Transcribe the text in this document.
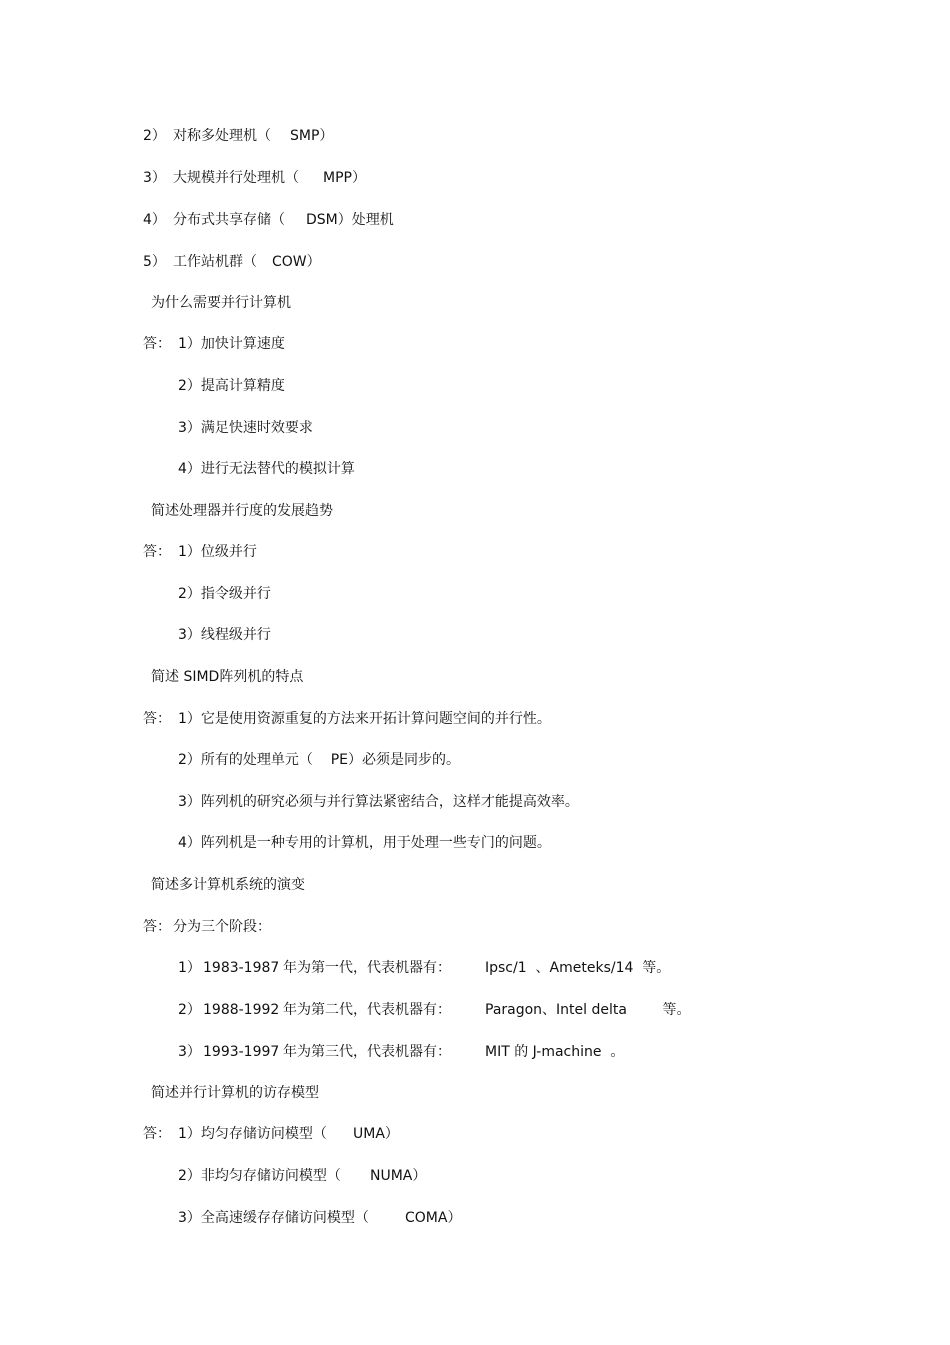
2）

对称多处理机（

SMP）

3）

大规模并行处理机（

MPP）

4）

分布式共享存储（

DSM）处理机

5）

工作站机群（

COW）

为什么需要并行计算机

答：

1）加快计算速度

2）提高计算精度

3）满足快速时效要求

4）进行无法替代的模拟计算

简述处理器并行度的发展趋势

答：

1）位级并行

2）指令级并行

3）线程级并行

简述 SIMD阵列机的特点

答：

1）它是使用资源重复的方法来开拓计算问题空间的并行性。

2）所有的处理单元（    PE）必须是同步的。

3）阵列机的研究必须与并行算法紧密结合，这样才能提高效率。

4）阵列机是一种专用的计算机，用于处理一些专门的问题。

简述多计算机系统的演变

答：

分为三个阶段：

1）

1983-1987

年为第一代，代表机器有：

Ipsc/1  、Ameteks/14  等。

2）

1988-1992

年为第二代，代表机器有：

Paragon、Intel delta        等。

3）

1993-1997

年为第三代，代表机器有：

MIT 的 J-machine  。

简述并行计算机的访存模型

答：

1）均匀存储访问模型（

UMA）

2）非均匀存储访问模型（

NUMA）

3）全高速缓存存储访问模型（

	COMA）
